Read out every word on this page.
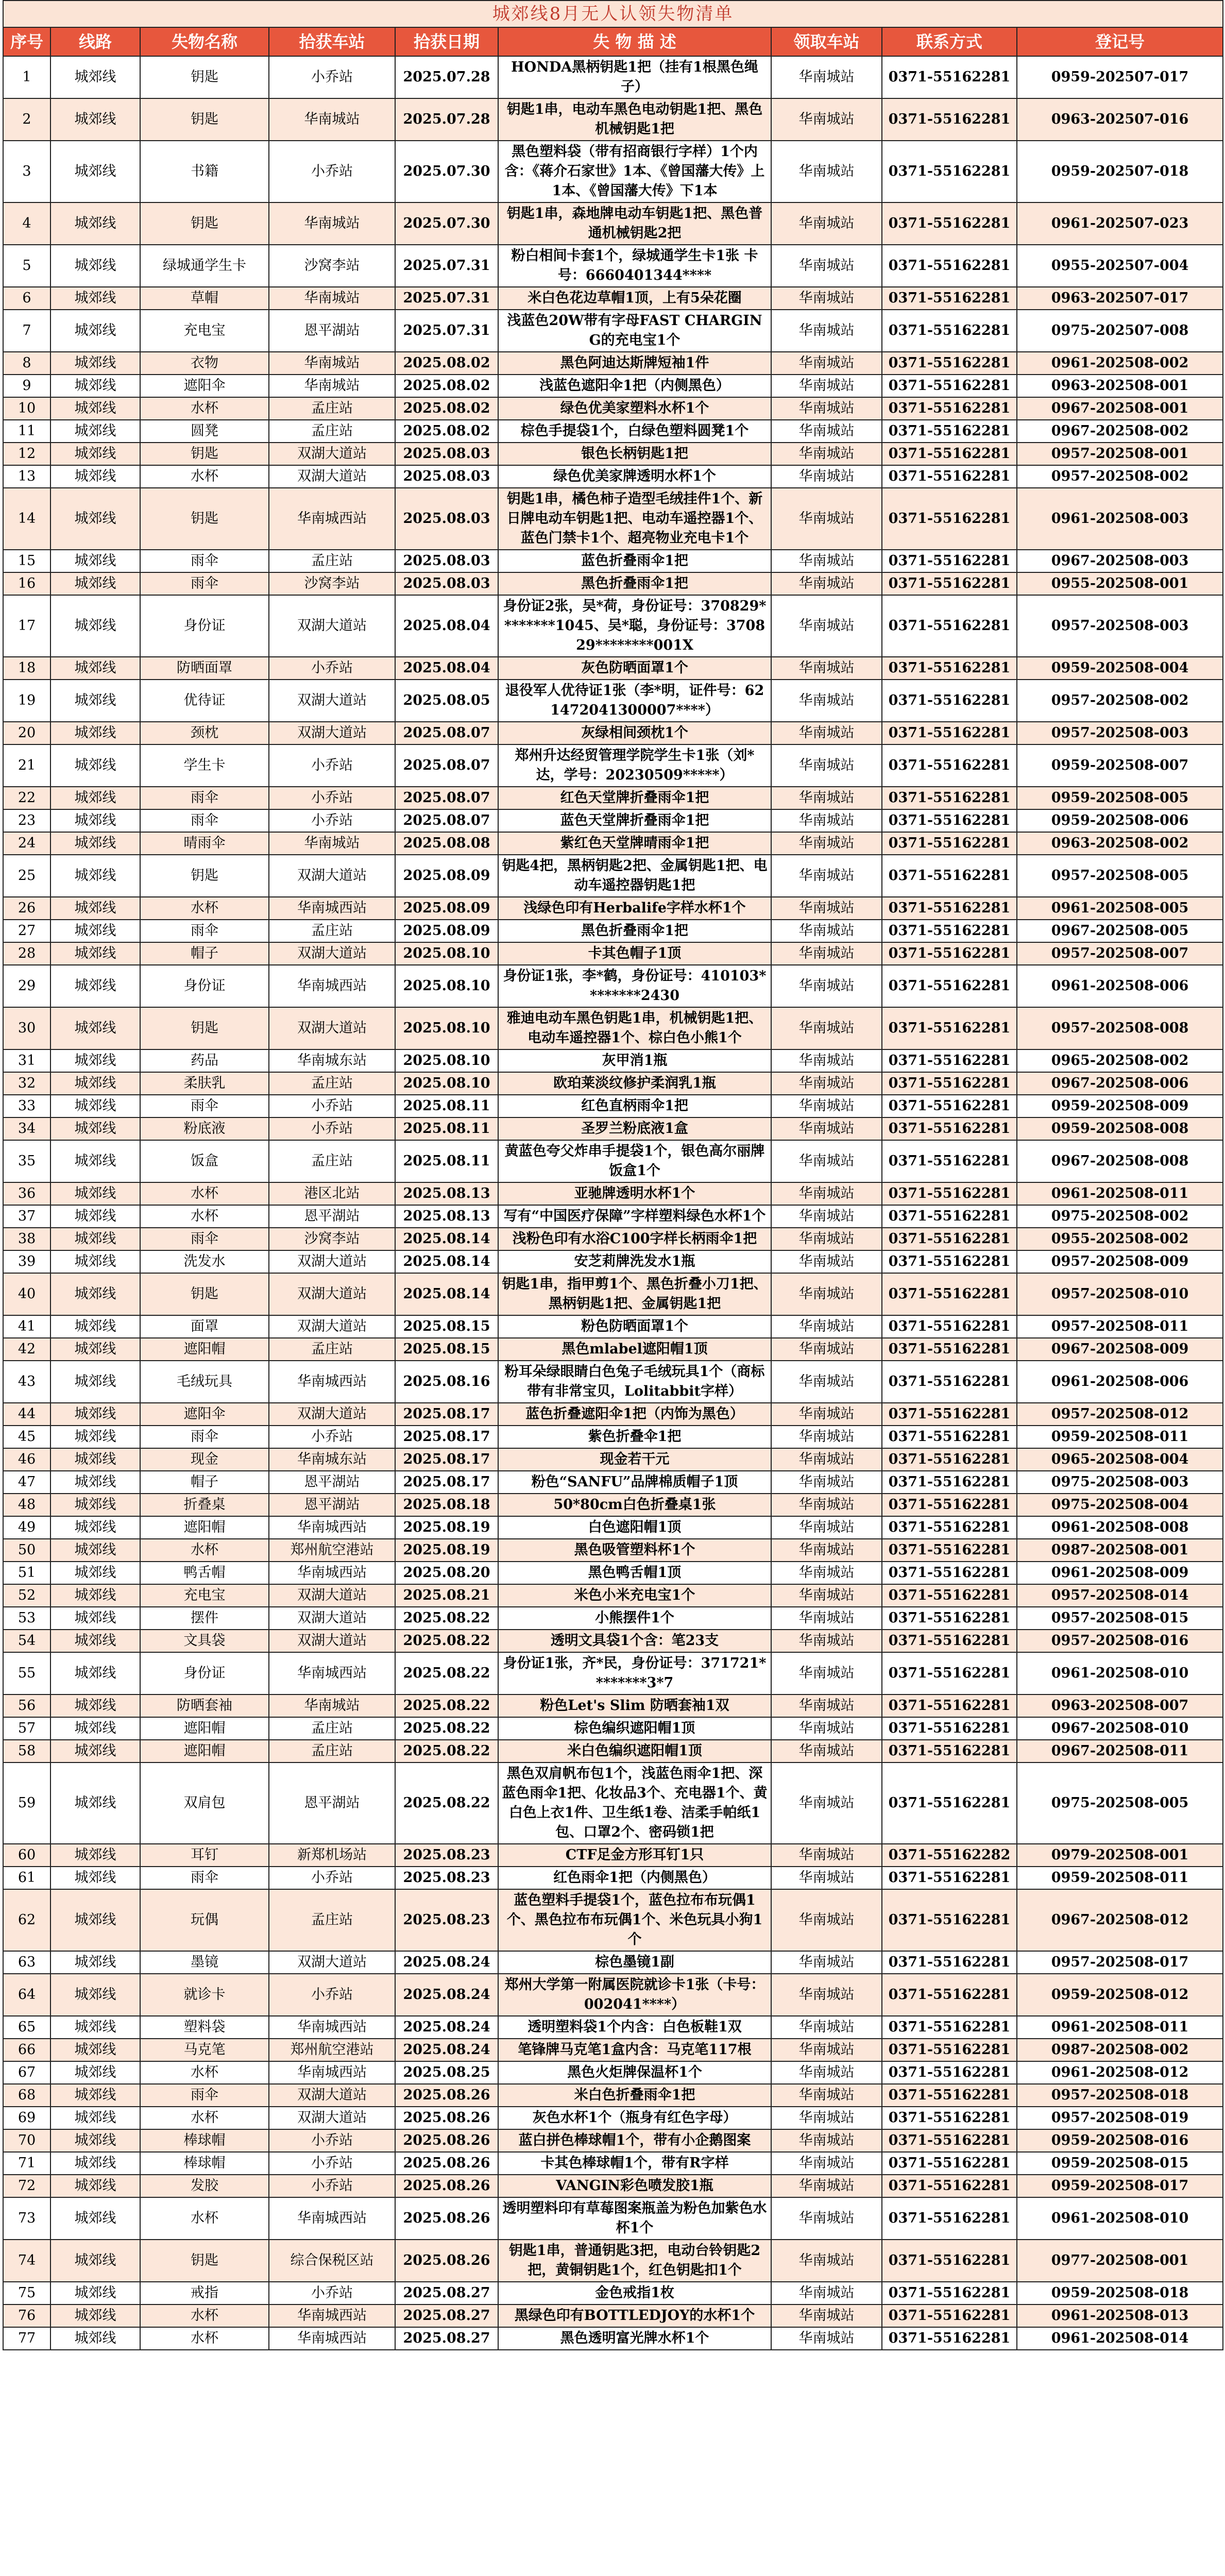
城郊线8月无人认领失物清单								
序号	线路	失物名称	拾获车站	拾获日期	失 物 描 述	领取车站	联系方式	登记号
1	城郊线	钥匙	小乔站	2025.07.28	HONDA黑柄钥匙1把（挂有1根黑色绳子）	华南城站	0371-55162281	0959-202507-017
2	城郊线	钥匙	华南城站	2025.07.28	钥匙1串，电动车黑色电动钥匙1把、黑色机械钥匙1把	华南城站	0371-55162281	0963-202507-016
3	城郊线	书籍	小乔站	2025.07.30	黑色塑料袋（带有招商银行字样）1个内含：《蒋介石家世》1本、《曾国藩大传》上1本、《曾国藩大传》下1本	华南城站	0371-55162281	0959-202507-018
4	城郊线	钥匙	华南城站	2025.07.30	钥匙1串，森地牌电动车钥匙1把、黑色普通机械钥匙2把	华南城站	0371-55162281	0961-202507-023
5	城郊线	绿城通学生卡	沙窝李站	2025.07.31	粉白相间卡套1个，绿城通学生卡1张 卡号：6660401344****	华南城站	0371-55162281	0955-202507-004
6	城郊线	草帽	华南城站	2025.07.31	米白色花边草帽1顶，上有5朵花圈	华南城站	0371-55162281	0963-202507-017
7	城郊线	充电宝	恩平湖站	2025.07.31	浅蓝色20W带有字母FAST CHARGING的充电宝1个	华南城站	0371-55162281	0975-202507-008
8	城郊线	衣物	华南城站	2025.08.02	黑色阿迪达斯牌短袖1件	华南城站	0371-55162281	0961-202508-002
9	城郊线	遮阳伞	华南城站	2025.08.02	浅蓝色遮阳伞1把（内侧黑色）	华南城站	0371-55162281	0963-202508-001
10	城郊线	水杯	孟庄站	2025.08.02	绿色优美家塑料水杯1个	华南城站	0371-55162281	0967-202508-001
11	城郊线	圆凳	孟庄站	2025.08.02	棕色手提袋1个，白绿色塑料圆凳1个	华南城站	0371-55162281	0967-202508-002
12	城郊线	钥匙	双湖大道站	2025.08.03	银色长柄钥匙1把	华南城站	0371-55162281	0957-202508-001
13	城郊线	水杯	双湖大道站	2025.08.03	绿色优美家牌透明水杯1个	华南城站	0371-55162281	0957-202508-002
14	城郊线	钥匙	华南城西站	2025.08.03	钥匙1串，橘色柿子造型毛绒挂件1个、新日牌电动车钥匙1把、电动车遥控器1个、蓝色门禁卡1个、超亮物业充电卡1个	华南城站	0371-55162281	0961-202508-003
15	城郊线	雨伞	孟庄站	2025.08.03	蓝色折叠雨伞1把	华南城站	0371-55162281	0967-202508-003
16	城郊线	雨伞	沙窝李站	2025.08.03	黑色折叠雨伞1把	华南城站	0371-55162281	0955-202508-001
17	城郊线	身份证	双湖大道站	2025.08.04	身份证2张，吴*荷，身份证号：370829********1045、吴*聪，身份证号：370829********001X	华南城站	0371-55162281	0957-202508-003
18	城郊线	防晒面罩	小乔站	2025.08.04	灰色防晒面罩1个	华南城站	0371-55162281	0959-202508-004
19	城郊线	优待证	双湖大道站	2025.08.05	退役军人优待证1张（李*明，证件号：621472041300007****）	华南城站	0371-55162281	0957-202508-002
20	城郊线	颈枕	双湖大道站	2025.08.07	灰绿相间颈枕1个	华南城站	0371-55162281	0957-202508-003
21	城郊线	学生卡	小乔站	2025.08.07	郑州升达经贸管理学院学生卡1张（刘*达，学号：20230509*****）	华南城站	0371-55162281	0959-202508-007
22	城郊线	雨伞	小乔站	2025.08.07	红色天堂牌折叠雨伞1把	华南城站	0371-55162281	0959-202508-005
23	城郊线	雨伞	小乔站	2025.08.07	蓝色天堂牌折叠雨伞1把	华南城站	0371-55162281	0959-202508-006
24	城郊线	晴雨伞	华南城站	2025.08.08	紫红色天堂牌晴雨伞1把	华南城站	0371-55162281	0963-202508-002
25	城郊线	钥匙	双湖大道站	2025.08.09	钥匙4把，黑柄钥匙2把、金属钥匙1把、电动车遥控器钥匙1把	华南城站	0371-55162281	0957-202508-005
26	城郊线	水杯	华南城西站	2025.08.09	浅绿色印有Herbalife字样水杯1个	华南城站	0371-55162281	0961-202508-005
27	城郊线	雨伞	孟庄站	2025.08.09	黑色折叠雨伞1把	华南城站	0371-55162281	0967-202508-005
28	城郊线	帽子	双湖大道站	2025.08.10	卡其色帽子1顶	华南城站	0371-55162281	0957-202508-007
29	城郊线	身份证	华南城西站	2025.08.10	身份证1张，李*鹤，身份证号：410103********2430	华南城站	0371-55162281	0961-202508-006
30	城郊线	钥匙	双湖大道站	2025.08.10	雅迪电动车黑色钥匙1串，机械钥匙1把、电动车遥控器1个、棕白色小熊1个	华南城站	0371-55162281	0957-202508-008
31	城郊线	药品	华南城东站	2025.08.10	灰甲消1瓶	华南城站	0371-55162281	0965-202508-002
32	城郊线	柔肤乳	孟庄站	2025.08.10	欧珀莱淡纹修护柔润乳1瓶	华南城站	0371-55162281	0967-202508-006
33	城郊线	雨伞	小乔站	2025.08.11	红色直柄雨伞1把	华南城站	0371-55162281	0959-202508-009
34	城郊线	粉底液	小乔站	2025.08.11	圣罗兰粉底液1盒	华南城站	0371-55162281	0959-202508-008
35	城郊线	饭盒	孟庄站	2025.08.11	黄蓝色夸父炸串手提袋1个，银色高尔丽牌饭盒1个	华南城站	0371-55162281	0967-202508-008
36	城郊线	水杯	港区北站	2025.08.13	亚驰牌透明水杯1个	华南城站	0371-55162281	0961-202508-011
37	城郊线	水杯	恩平湖站	2025.08.13	写有“中国医疗保障”字样塑料绿色水杯1个	华南城站	0371-55162281	0975-202508-002
38	城郊线	雨伞	沙窝李站	2025.08.14	浅粉色印有水浴C100字样长柄雨伞1把	华南城站	0371-55162281	0955-202508-002
39	城郊线	洗发水	双湖大道站	2025.08.14	安芝莉牌洗发水1瓶	华南城站	0371-55162281	0957-202508-009
40	城郊线	钥匙	双湖大道站	2025.08.14	钥匙1串，指甲剪1个、黑色折叠小刀1把、黑柄钥匙1把、金属钥匙1把	华南城站	0371-55162281	0957-202508-010
41	城郊线	面罩	双湖大道站	2025.08.15	粉色防晒面罩1个	华南城站	0371-55162281	0957-202508-011
42	城郊线	遮阳帽	孟庄站	2025.08.15	黑色mlabel遮阳帽1顶	华南城站	0371-55162281	0967-202508-009
43	城郊线	毛绒玩具	华南城西站	2025.08.16	粉耳朵绿眼睛白色兔子毛绒玩具1个（商标带有非常宝贝，Lolitabbit字样）	华南城站	0371-55162281	0961-202508-006
44	城郊线	遮阳伞	双湖大道站	2025.08.17	蓝色折叠遮阳伞1把（内饰为黑色）	华南城站	0371-55162281	0957-202508-012
45	城郊线	雨伞	小乔站	2025.08.17	紫色折叠伞1把	华南城站	0371-55162281	0959-202508-011
46	城郊线	现金	华南城东站	2025.08.17	现金若干元	华南城站	0371-55162281	0965-202508-004
47	城郊线	帽子	恩平湖站	2025.08.17	粉色“SANFU”品牌棉质帽子1顶	华南城站	0371-55162281	0975-202508-003
48	城郊线	折叠桌	恩平湖站	2025.08.18	50*80cm白色折叠桌1张	华南城站	0371-55162281	0975-202508-004
49	城郊线	遮阳帽	华南城西站	2025.08.19	白色遮阳帽1顶	华南城站	0371-55162281	0961-202508-008
50	城郊线	水杯	郑州航空港站	2025.08.19	黑色吸管塑料杯1个	华南城站	0371-55162281	0987-202508-001
51	城郊线	鸭舌帽	华南城西站	2025.08.20	黑色鸭舌帽1顶	华南城站	0371-55162281	0961-202508-009
52	城郊线	充电宝	双湖大道站	2025.08.21	米色小米充电宝1个	华南城站	0371-55162281	0957-202508-014
53	城郊线	摆件	双湖大道站	2025.08.22	小熊摆件1个	华南城站	0371-55162281	0957-202508-015
54	城郊线	文具袋	双湖大道站	2025.08.22	透明文具袋1个含：笔23支	华南城站	0371-55162281	0957-202508-016
55	城郊线	身份证	华南城西站	2025.08.22	身份证1张，齐*民，身份证号：371721********3*7	华南城站	0371-55162281	0961-202508-010
56	城郊线	防晒套袖	华南城站	2025.08.22	粉色Let's Slim 防晒套袖1双	华南城站	0371-55162281	0963-202508-007
57	城郊线	遮阳帽	孟庄站	2025.08.22	棕色编织遮阳帽1顶	华南城站	0371-55162281	0967-202508-010
58	城郊线	遮阳帽	孟庄站	2025.08.22	米白色编织遮阳帽1顶	华南城站	0371-55162281	0967-202508-011
59	城郊线	双肩包	恩平湖站	2025.08.22	黑色双肩帆布包1个，浅蓝色雨伞1把、深蓝色雨伞1把、化妆品3个、充电器1个、黄白色上衣1件、卫生纸1卷、洁柔手帕纸1包、口罩2个、密码锁1把	华南城站	0371-55162281	0975-202508-005
60	城郊线	耳钉	新郑机场站	2025.08.23	CTF足金方形耳钉1只	华南城站	0371-55162282	0979-202508-001
61	城郊线	雨伞	小乔站	2025.08.23	红色雨伞1把（内侧黑色）	华南城站	0371-55162281	0959-202508-011
62	城郊线	玩偶	孟庄站	2025.08.23	蓝色塑料手提袋1个，蓝色拉布布玩偶1个、黑色拉布布玩偶1个、米色玩具小狗1个	华南城站	0371-55162281	0967-202508-012
63	城郊线	墨镜	双湖大道站	2025.08.24	棕色墨镜1副	华南城站	0371-55162281	0957-202508-017
64	城郊线	就诊卡	小乔站	2025.08.24	郑州大学第一附属医院就诊卡1张（卡号：002041****）	华南城站	0371-55162281	0959-202508-012
65	城郊线	塑料袋	华南城西站	2025.08.24	透明塑料袋1个内含：白色板鞋1双	华南城站	0371-55162281	0961-202508-011
66	城郊线	马克笔	郑州航空港站	2025.08.24	笔锋牌马克笔1盒内含：马克笔117根	华南城站	0371-55162281	0987-202508-002
67	城郊线	水杯	华南城西站	2025.08.25	黑色火炬牌保温杯1个	华南城站	0371-55162281	0961-202508-012
68	城郊线	雨伞	双湖大道站	2025.08.26	米白色折叠雨伞1把	华南城站	0371-55162281	0957-202508-018
69	城郊线	水杯	双湖大道站	2025.08.26	灰色水杯1个（瓶身有红色字母）	华南城站	0371-55162281	0957-202508-019
70	城郊线	棒球帽	小乔站	2025.08.26	蓝白拼色棒球帽1个，带有小企鹅图案	华南城站	0371-55162281	0959-202508-016
71	城郊线	棒球帽	小乔站	2025.08.26	卡其色棒球帽1个，带有R字样	华南城站	0371-55162281	0959-202508-015
72	城郊线	发胶	小乔站	2025.08.26	VANGIN彩色喷发胶1瓶	华南城站	0371-55162281	0959-202508-017
73	城郊线	水杯	华南城西站	2025.08.26	透明塑料印有草莓图案瓶盖为粉色加紫色水杯1个	华南城站	0371-55162281	0961-202508-010
74	城郊线	钥匙	综合保税区站	2025.08.26	钥匙1串，普通钥匙3把，电动台铃钥匙2把，黄铜钥匙1个，红色钥匙扣1个	华南城站	0371-55162281	0977-202508-001
75	城郊线	戒指	小乔站	2025.08.27	金色戒指1枚	华南城站	0371-55162281	0959-202508-018
76	城郊线	水杯	华南城西站	2025.08.27	黑绿色印有BOTTLEDJOY的水杯1个	华南城站	0371-55162281	0961-202508-013
77	城郊线	水杯	华南城西站	2025.08.27	黑色透明富光牌水杯1个	华南城站	0371-55162281	0961-202508-014
